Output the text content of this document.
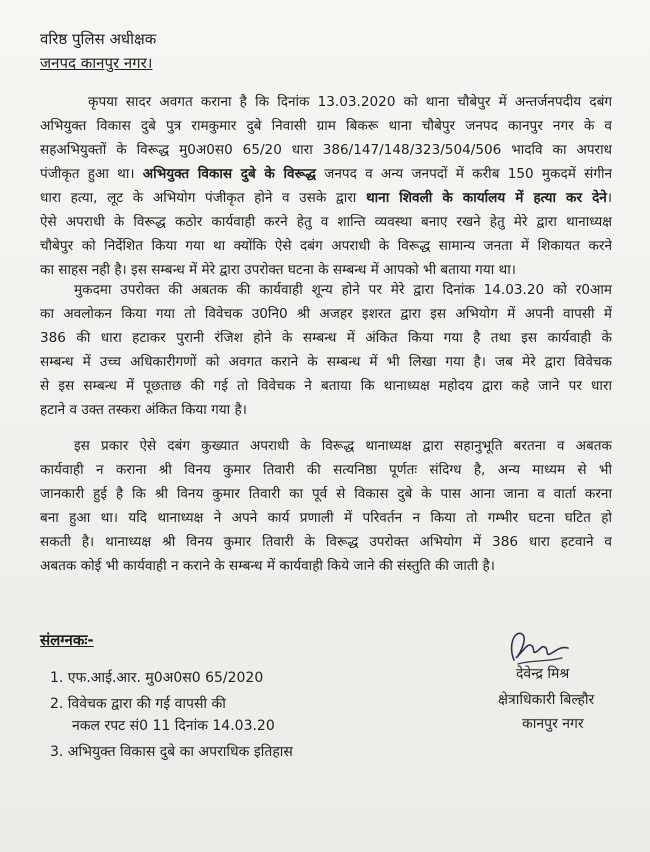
वरिष्ठ पुलिस अधीक्षक
जनपद कानपुर नगर।
कृपया सादर अवगत कराना है कि दिनांक 13.03.2020 को थाना चौबेपुर में अन्तर्जनपदीय दबंग
अभियुक्त विकास दुबे पुत्र रामकुमार दुबे निवासी ग्राम बिकरू थाना चौबेपुर जनपद कानपुर नगर के व
सहअभियुक्तों के विरूद्ध मु0अ0स0 65/20 धारा 386/147/148/323/504/506 भादवि का अपराध
पंजीकृत हुआ था। अभियुक्त विकास दुबे के विरूद्ध जनपद व अन्य जनपदों में करीब 150 मुकदमें संगीन
धारा हत्या, लूट के अभियोग पंजीकृत होने व उसके द्वारा थाना शिवली के कार्यालय में हत्या कर देने।
ऐसे अपराधी के विरूद्ध कठोर कार्यवाही करने हेतु व शान्ति व्यवस्था बनाए रखने हेतु मेरे द्वारा थानाध्यक्ष
चौबेपुर को निर्देशित किया गया था क्योंकि ऐसे दबंग अपराधी के विरूद्ध सामान्य जनता में शिकायत करने
का साहस नही है। इस सम्बन्ध में मेरे द्वारा उपरोक्त घटना के सम्बन्ध में आपको भी बताया गया था।
मुकदमा उपरोक्त की अबतक की कार्यवाही शून्य होने पर मेरे द्वारा दिनांक 14.03.20 को र0आम
का अवलोकन किया गया तो विवेचक उ0नि0 श्री अजहर इशरत द्वारा इस अभियोग में अपनी वापसी में
386 की धारा हटाकर पुरानी रंजिश होने के सम्बन्ध में अंकित किया गया है तथा इस कार्यवाही के
सम्बन्ध में उच्च अधिकारीगणों को अवगत कराने के सम्बन्ध में भी लिखा गया है। जब मेरे द्वारा विवेचक
से इस सम्बन्ध में पूछताछ की गई तो विवेचक ने बताया कि थानाध्यक्ष महोदय द्वारा कहे जाने पर धारा
हटाने व उक्त तस्करा अंकित किया गया है।
इस प्रकार ऐसे दबंग कुख्यात अपराधी के विरूद्ध थानाध्यक्ष द्वारा सहानुभूति बरतना व अबतक
कार्यवाही न कराना श्री विनय कुमार तिवारी की सत्यनिष्ठा पूर्णतः संदिग्ध है, अन्य माध्यम से भी
जानकारी हुई है कि श्री विनय कुमार तिवारी का पूर्व से विकास दुबे के पास आना जाना व वार्ता करना
बना हुआ था। यदि थानाध्यक्ष ने अपने कार्य प्रणाली में परिवर्तन न किया तो गम्भीर घटना घटित हो
सकती है। थानाध्यक्ष श्री विनय कुमार तिवारी के विरूद्ध उपरोक्त अभियोग में 386 धारा हटवाने व
अबतक कोई भी कार्यवाही न कराने के सम्बन्ध में कार्यवाही किये जाने की संस्तुति की जाती है।
संलग्नकः-
1. एफ.आई.आर. मु0अ0स0 65/2020
2. विवेचक द्वारा की गई वापसी की
नकल रपट सं0 11 दिनांक 14.03.20
3. अभियुक्त विकास दुबे का अपराधिक इतिहास
देवेन्द्र मिश्र
क्षेत्राधिकारी बिल्हौर
कानपुर नगर
